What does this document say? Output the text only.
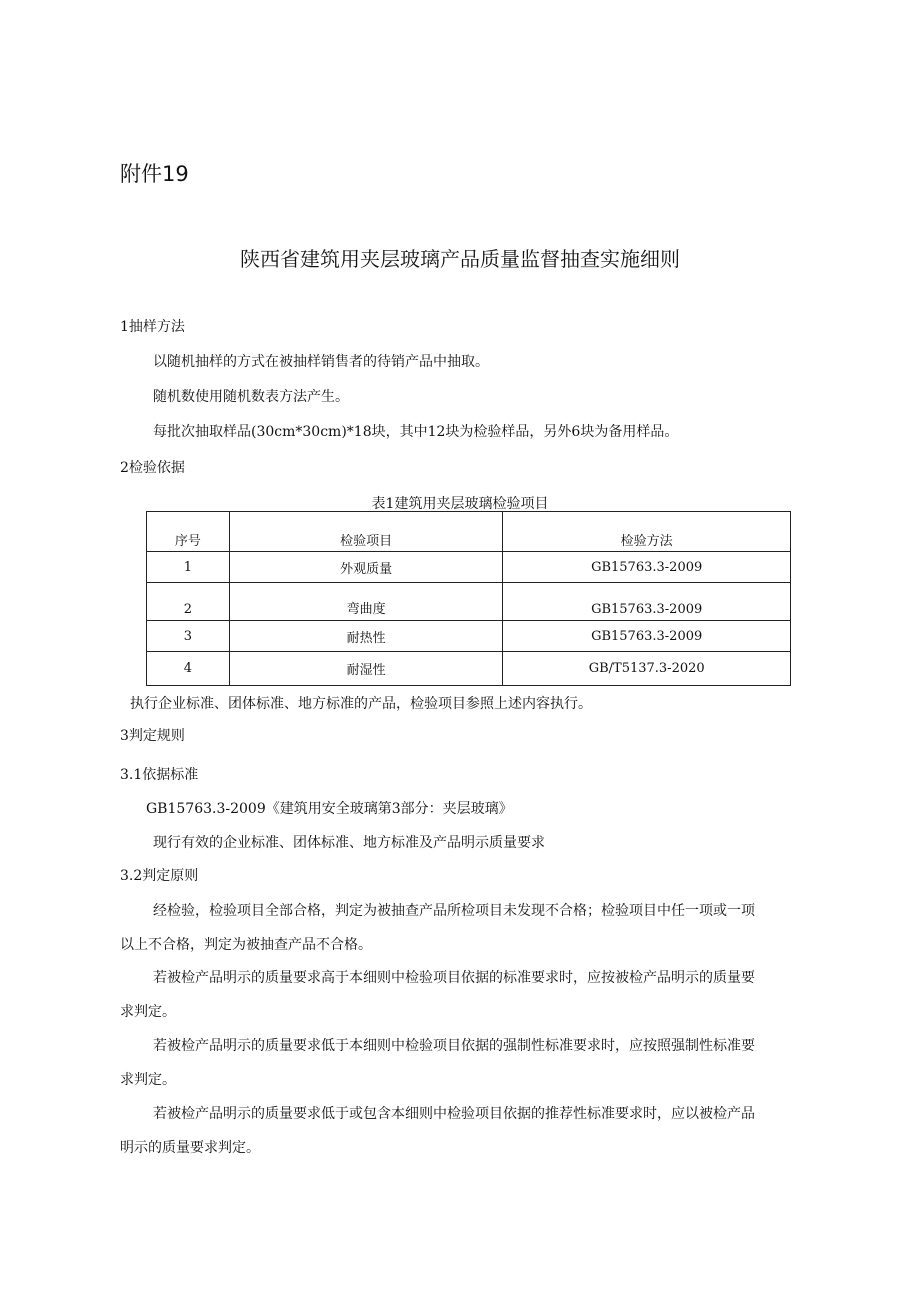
附件19
陕西省建筑用夹层玻璃产品质量监督抽查实施细则
1抽样方法
以随机抽样的方式在被抽样销售者的待销产品中抽取。
随机数使用随机数表方法产生。
每批次抽取样品(30cm*30cm)*18块，其中12块为检验样品，另外6块为备用样品。
2检验依据
表1建筑用夹层玻璃检验项目
序号	检验项目	检验方法
1	外观质量	GB15763.3-2009
2	弯曲度	GB15763.3-2009
3	耐热性	GB15763.3-2009
4	耐湿性	GB/T5137.3-2020
执行企业标准、团体标准、地方标准的产品，检验项目参照上述内容执行。
3判定规则
3.1依据标准
GB15763.3-2009《建筑用安全玻璃第3部分：夹层玻璃》
现行有效的企业标准、团体标准、地方标准及产品明示质量要求
3.2判定原则
经检验，检验项目全部合格，判定为被抽查产品所检项目未发现不合格；检验项目中任一项或一项
以上不合格，判定为被抽查产品不合格。
若被检产品明示的质量要求高于本细则中检验项目依据的标准要求时，应按被检产品明示的质量要
求判定。
若被检产品明示的质量要求低于本细则中检验项目依据的强制性标准要求时，应按照强制性标准要
求判定。
若被检产品明示的质量要求低于或包含本细则中检验项目依据的推荐性标准要求时，应以被检产品
明示的质量要求判定。
